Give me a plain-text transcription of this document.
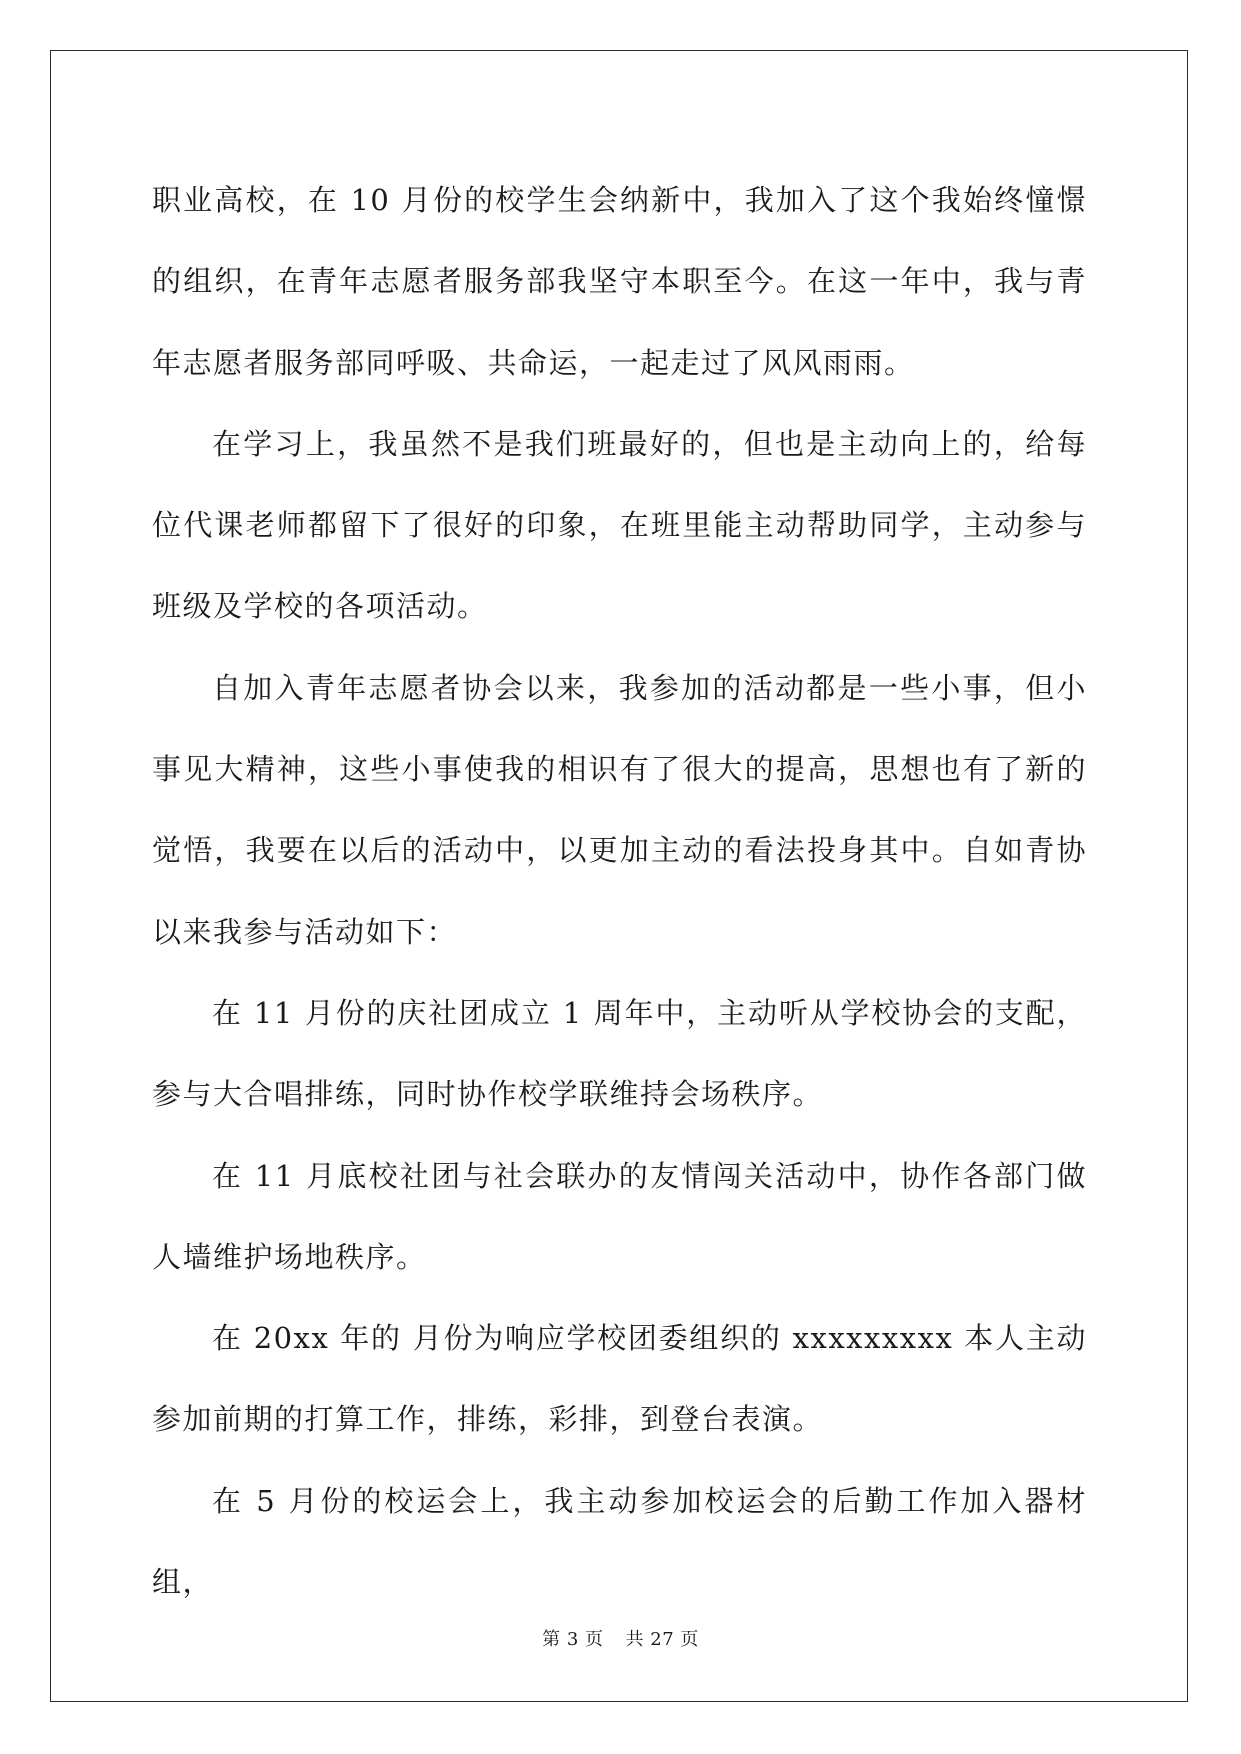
职业高校，在 10 月份的校学生会纳新中，我加入了这个我始终憧憬的组织，在青年志愿者服务部我坚守本职至今。在这一年中，我与青年志愿者服务部同呼吸、共命运，一起走过了风风雨雨。

在学习上，我虽然不是我们班最好的，但也是主动向上的，给每位代课老师都留下了很好的印象，在班里能主动帮助同学，主动参与班级及学校的各项活动。

自加入青年志愿者协会以来，我参加的活动都是一些小事，但小事见大精神，这些小事使我的相识有了很大的提高，思想也有了新的觉悟，我要在以后的活动中，以更加主动的看法投身其中。自如青协以来我参与活动如下：

在 11 月份的庆社团成立 1 周年中，主动听从学校协会的支配，参与大合唱排练，同时协作校学联维持会场秩序。

在 11 月底校社团与社会联办的友情闯关活动中，协作各部门做人墙维护场地秩序。

在 20xx 年的 月份为响应学校团委组织的 xxxxxxxxx 本人主动参加前期的打算工作，排练，彩排，到登台表演。

在 5 月份的校运会上，我主动参加校运会的后勤工作加入器材组，

第 3 页 共 27 页
